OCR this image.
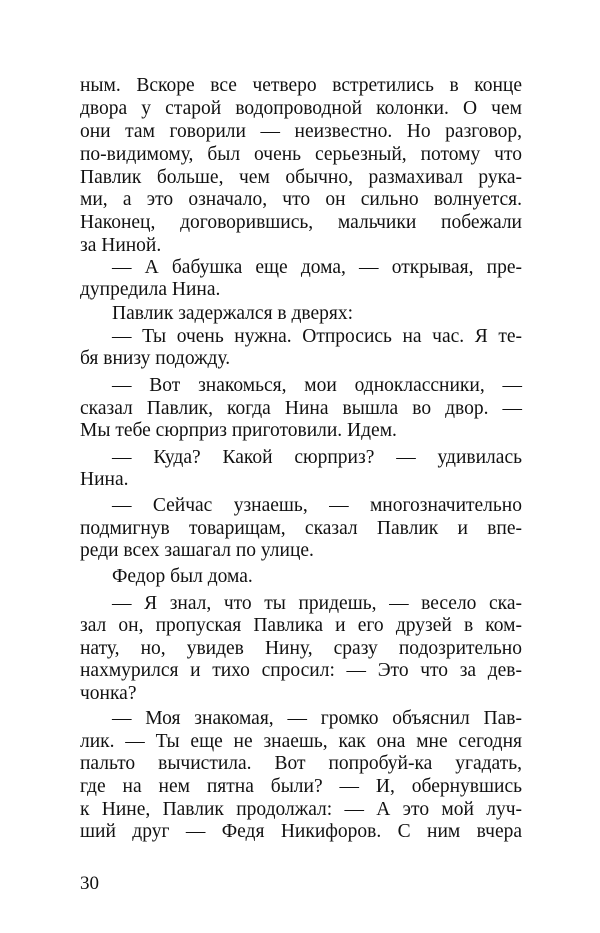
ным. Вскоре все четверо встретились в конце
двора у старой водопроводной колонки. О чем
они там говорили — неизвестно. Но разговор,
по-видимому, был очень серьезный, потому что
Павлик больше, чем обычно, размахивал рука-
ми, а это означало, что он сильно волнуется.
Наконец, договорившись, мальчики побежали
за Ниной.
— А бабушка еще дома, — открывая, пре-
дупредила Нина.
Павлик задержался в дверях:
— Ты очень нужна. Отпросись на час. Я те-
бя внизу подожду.
— Вот знакомься, мои одноклассники, —
сказал Павлик, когда Нина вышла во двор. —
Мы тебе сюрприз приготовили. Идем.
— Куда? Какой сюрприз? — удивилась
Нина.
— Сейчас узнаешь, — многозначительно
подмигнув товарищам, сказал Павлик и впе-
реди всех зашагал по улице.
Федор был дома.
— Я знал, что ты придешь, — весело ска-
зал он, пропуская Павлика и его друзей в ком-
нату, но, увидев Нину, сразу подозрительно
нахмурился и тихо спросил: — Это что за дев-
чонка?
— Моя знакомая, — громко объяснил Пав-
лик. — Ты еще не знаешь, как она мне сегодня
пальто вычистила. Вот попробуй-ка угадать,
где на нем пятна были? — И, обернувшись
к Нине, Павлик продолжал: — А это мой луч-
ший друг — Федя Никифоров. С ним вчера
30
